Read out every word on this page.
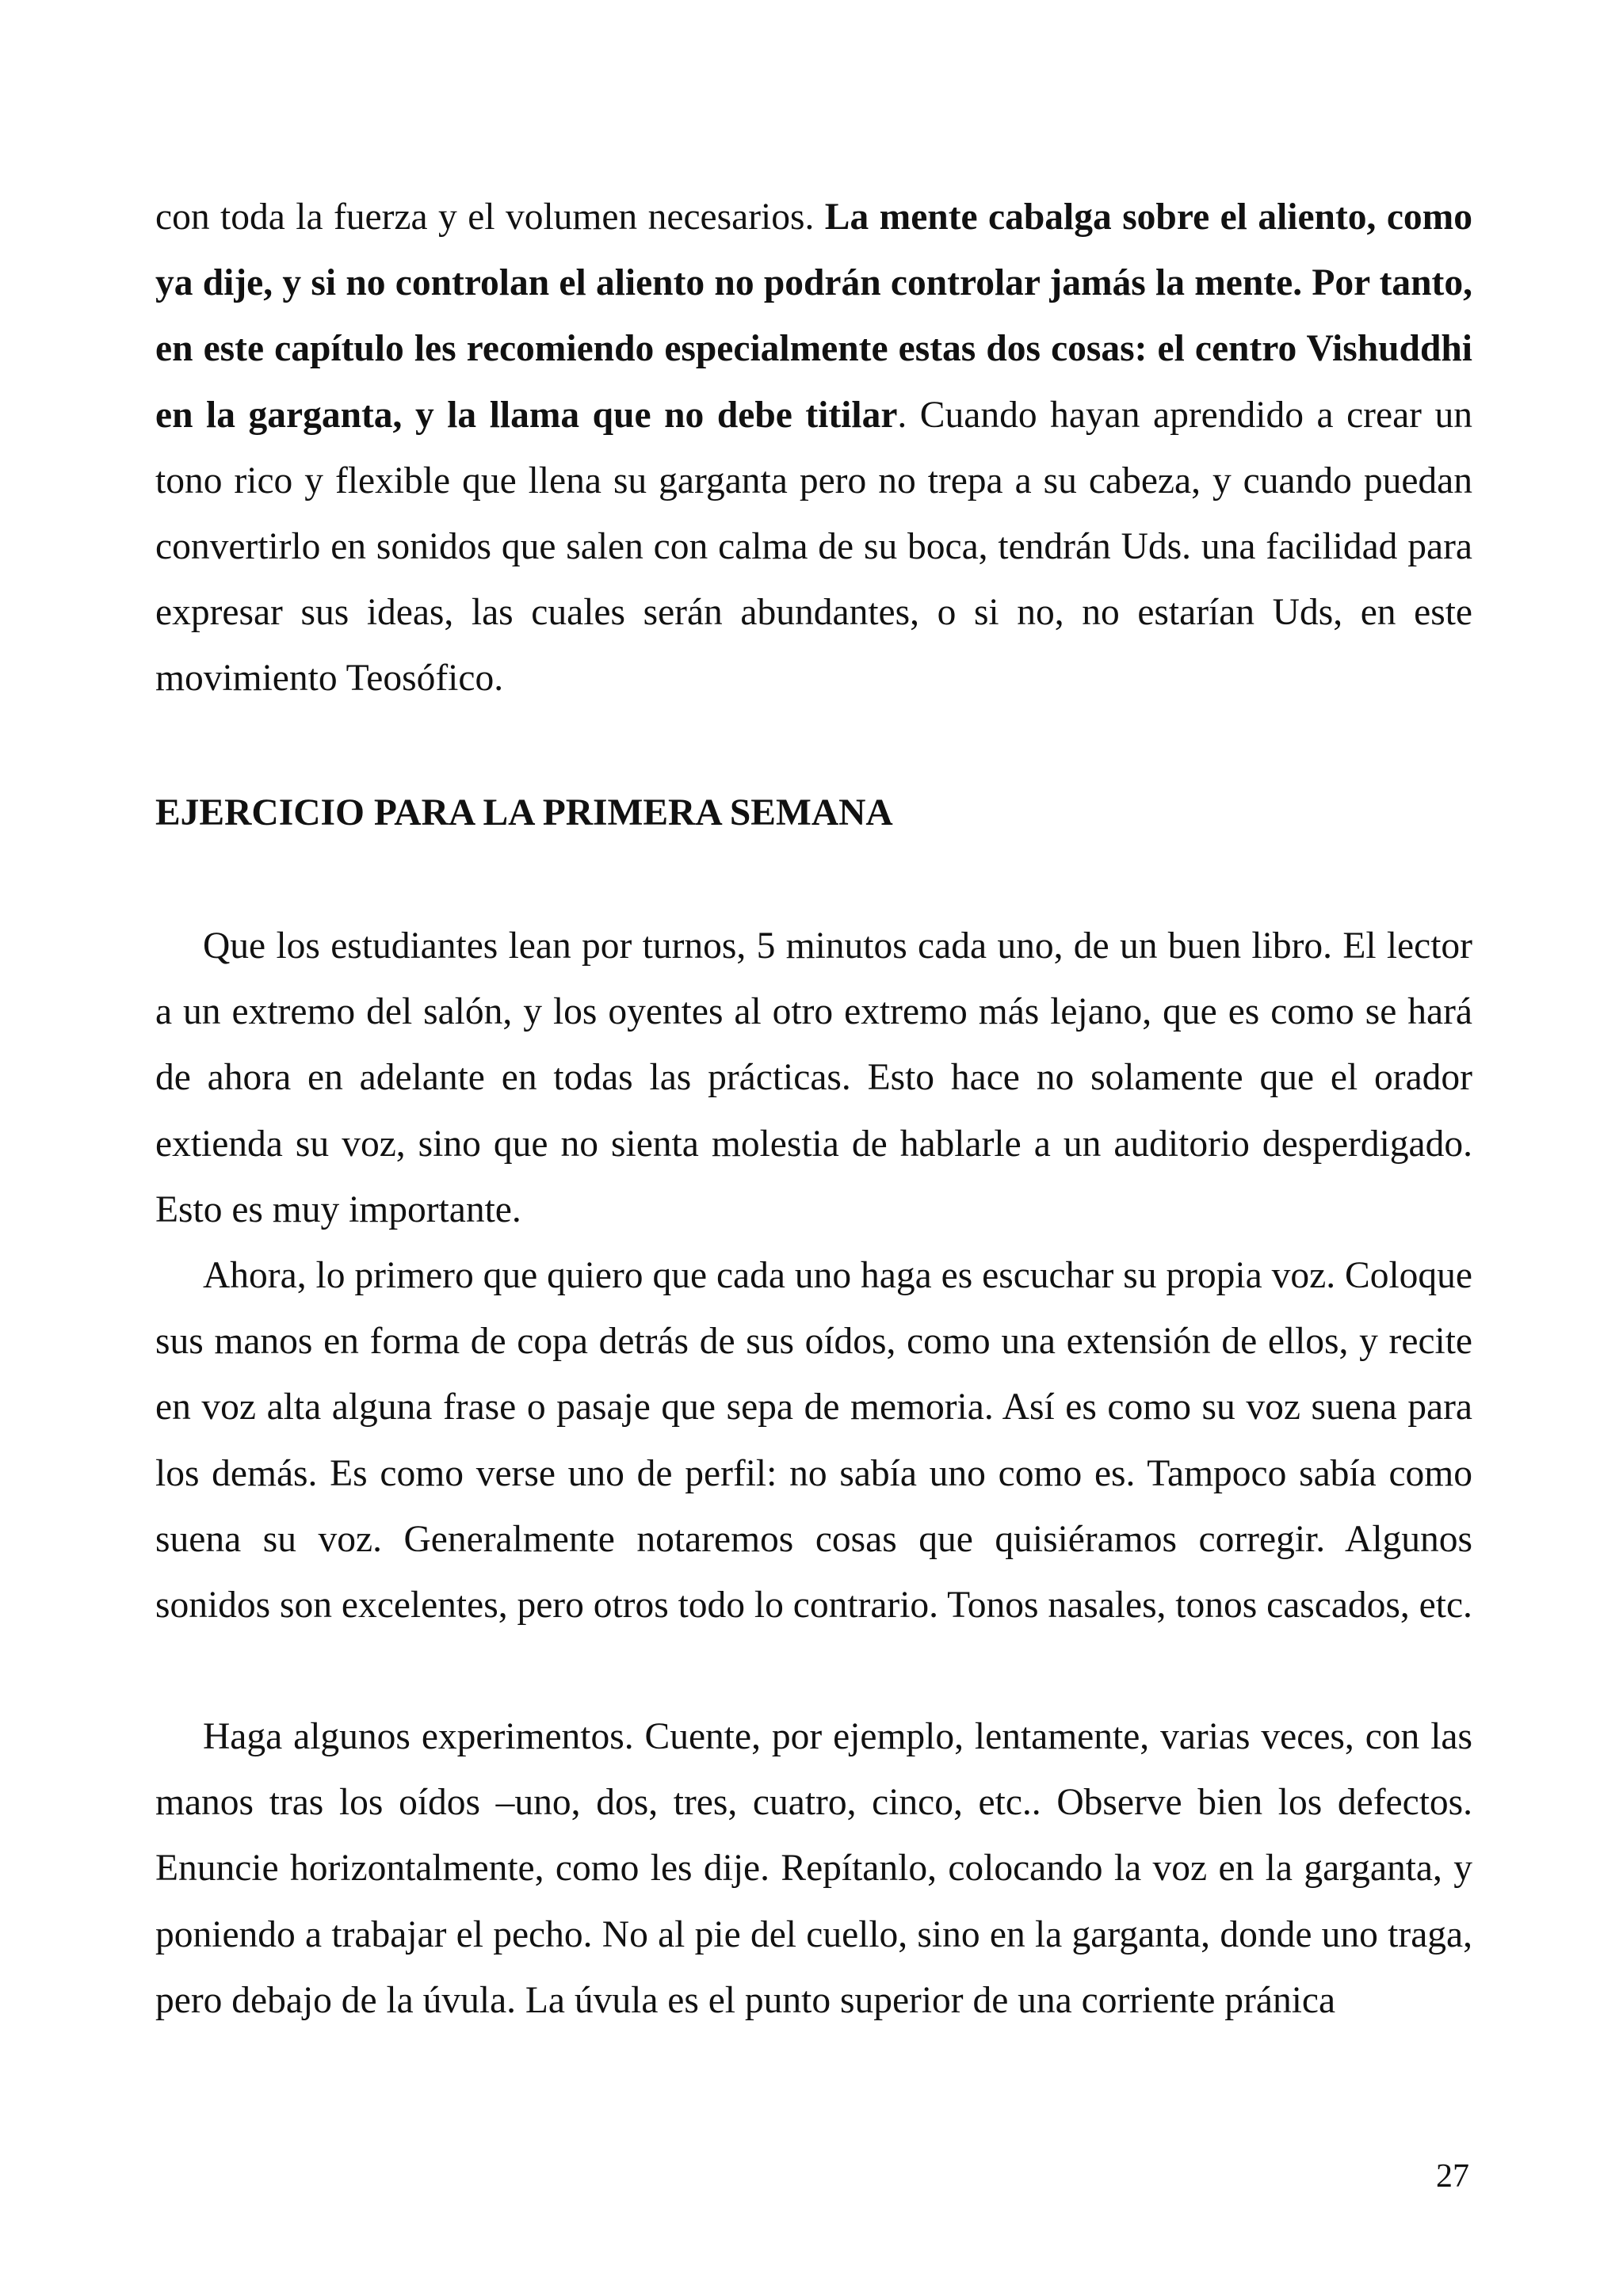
con toda la fuerza y el volumen necesarios. La mente cabalga sobre el aliento, como ya dije, y si no controlan el aliento no podrán controlar jamás la mente. Por tanto, en este capítulo les recomiendo especialmente estas dos cosas: el centro Vishuddhi en la garganta, y la llama que no debe titilar. Cuando hayan aprendido a crear un tono rico y flexible que llena su garganta pero no trepa a su cabeza, y cuando puedan convertirlo en sonidos que salen con calma de su boca, tendrán Uds. una facilidad para expresar sus ideas, las cuales serán abundantes, o si no, no estarían Uds, en este movimiento Teosófico.

EJERCICIO PARA LA PRIMERA SEMANA

Que los estudiantes lean por turnos, 5 minutos cada uno, de un buen libro. El lector a un extremo del salón, y los oyentes al otro extremo más lejano, que es como se hará de ahora en adelante en todas las prácticas. Esto hace no solamente que el orador extienda su voz, sino que no sienta molestia de hablarle a un auditorio desperdigado. Esto es muy importante.

Ahora, lo primero que quiero que cada uno haga es escuchar su propia voz. Coloque sus manos en forma de copa detrás de sus oídos, como una extensión de ellos, y recite en voz alta alguna frase o pasaje que sepa de memoria. Así es como su voz suena para los demás. Es como verse uno de perfil: no sabía uno como es. Tampoco sabía como suena su voz. Generalmente notaremos cosas que quisiéramos corregir. Algunos sonidos son excelentes, pero otros todo lo contrario. Tonos nasales, tonos cascados, etc.

Haga algunos experimentos. Cuente, por ejemplo, lentamente, varias veces, con las manos tras los oídos –uno, dos, tres, cuatro, cinco, etc.. Observe bien los defectos. Enuncie horizontalmente, como les dije. Repítanlo, colocando la voz en la garganta, y poniendo a trabajar el pecho. No al pie del cuello, sino en la garganta, donde uno traga, pero debajo de la úvula. La úvula es el punto superior de una corriente pránica

27
